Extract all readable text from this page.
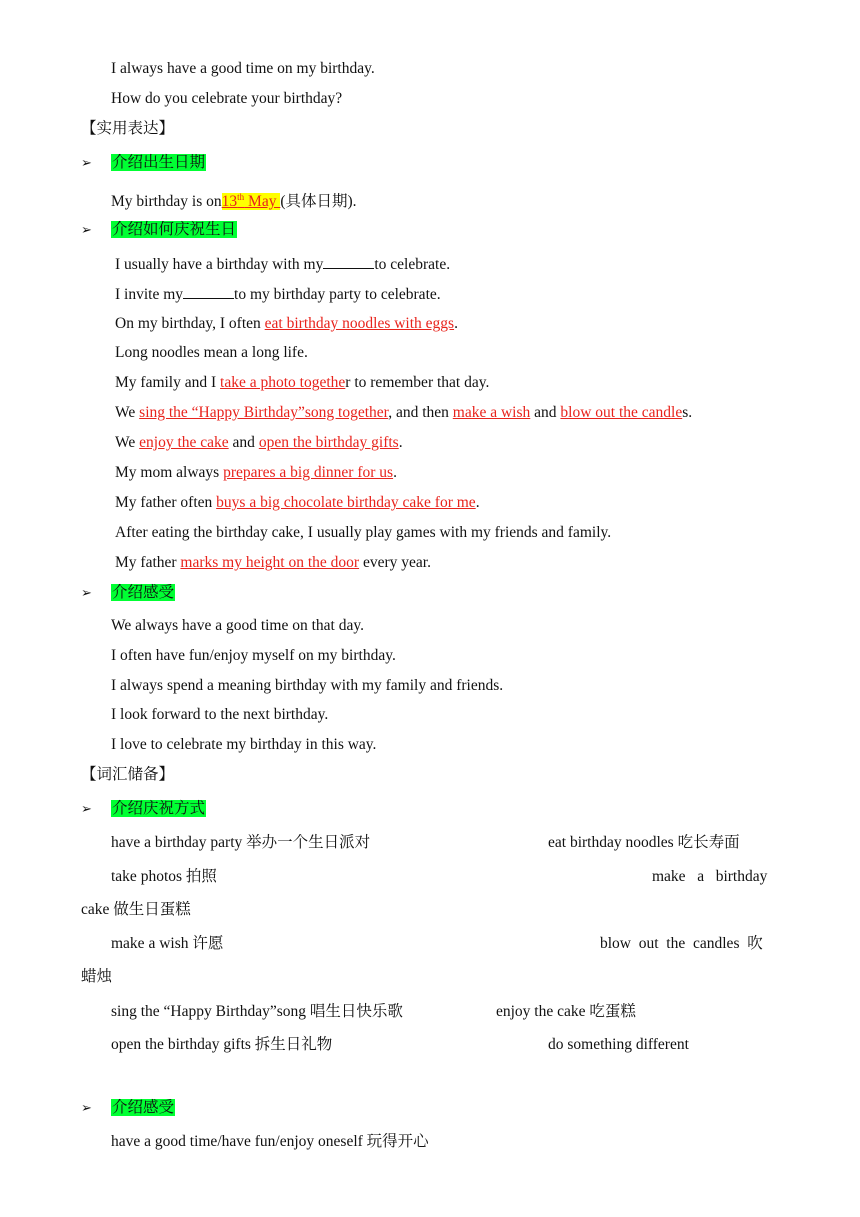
I always have a good time on my birthday.
How do you celebrate your birthday?
【实用表达】
➢ 介绍出生日期
My birthday is on13th May (具体日期).
➢ 介绍如何庆祝生日
I usually have a birthday with my	to celebrate.
I invite my	to my birthday party to celebrate.
On my birthday, I often eat birthday noodles with eggs.
Long noodles mean a long life.
My family and I take a photo together to remember that day.
We sing the “Happy Birthday”song together, and then make a wish and blow out the candles.
We enjoy the cake and open the birthday gifts.
My mom always prepares a big dinner for us.
My father often buys a big chocolate birthday cake for me.
After eating the birthday cake, I usually play games with my friends and family.
My father marks my height on the door every year.
➢ 介绍感受
We always have a good time on that day.
I often have fun/enjoy myself on my birthday.
I always spend a meaning birthday with my family and friends.
I look forward to the next birthday.
I love to celebrate my birthday in this way.
【词汇储备】
➢ 介绍庆祝方式
have a birthday party 举办一个生日派对	eat birthday noodles 吃长寿面
take photos 拍照	make   a   birthday
cake 做生日蛋糕
make a wish 许愿	blow  out  the  candles  吹
蜡烛
sing the “Happy Birthday”song 唱生日快乐歌	enjoy the cake 吃蛋糕
open the birthday gifts 拆生日礼物	do something different
➢ 介绍感受
have a good time/have fun/enjoy oneself 玩得开心
